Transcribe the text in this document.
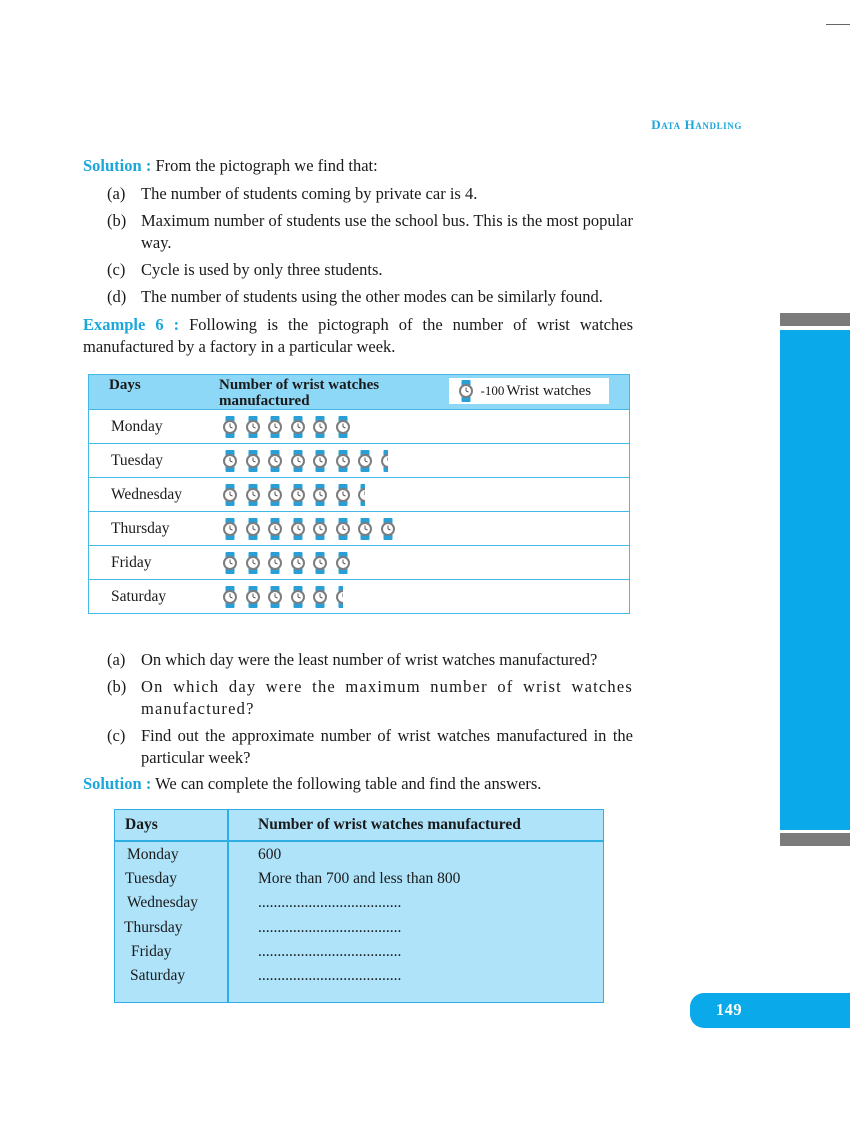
Data Handling

Solution : From the pictograph we find that:

(a) The number of students coming by private car is 4.
(b) Maximum number of students use the school bus. This is the most popular way.
(c) Cycle is used by only three students.
(d) The number of students using the other modes can be similarly found.

Example 6 : Following is the pictograph of the number of wrist watches manufactured by a factory in a particular week.

Days	Number of wrist watches manufactured
-100 Wrist watches
Monday
Tuesday
Wednesday
Thursday
Friday
Saturday
(a) On which day were the least number of wrist watches manufactured?
(b) On which day were the maximum number of wrist watches manufactured?
(c) Find out the approximate number of wrist watches manufactured in the particular week?

Solution : We can complete the following table and find the answers.

Days	Number of wrist watches manufactured
Monday	600
Tuesday	More than 700 and less than 800
Wednesday	.....................................
Thursday	.....................................
Friday	.....................................
Saturday	.....................................
149
